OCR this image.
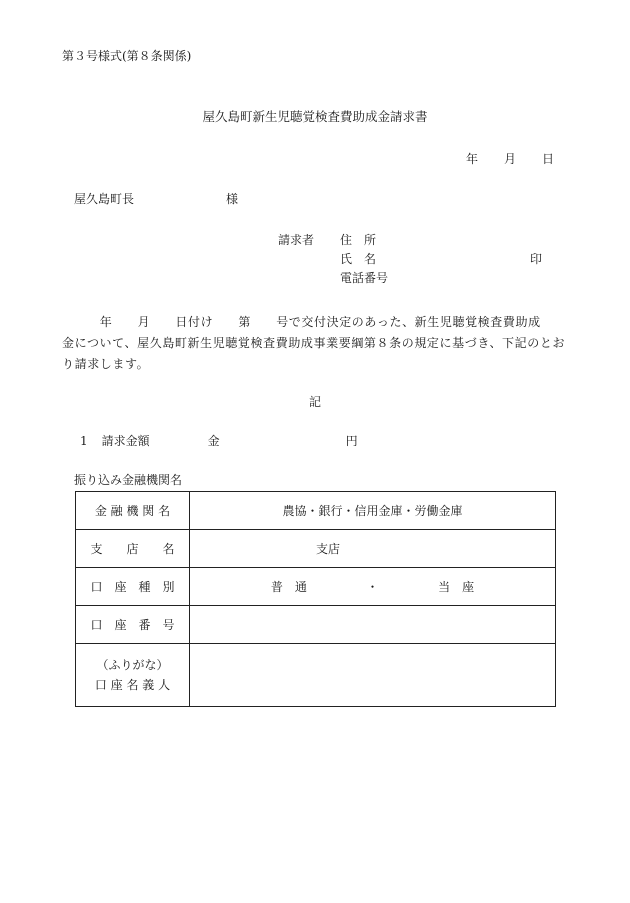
第３号様式(第８条関係)
屋久島町新生児聴覚検査費助成金請求書
年 月 日
屋久島町長	様
請求者 住　所
氏　名
電話番号
印

　　　年　　月　　日付け　　第　　号で交付決定のあった、新生児聴覚検査費助成

金について、屋久島町新生児聴覚検査費助成事業要綱第８条の規定に基づき、下記のとお

り請求します。

記
1 請求金額	金	円
振り込み金融機関名
金 融 機 関 名	農協・銀行・信用金庫・労働金庫
支　　店　　名	支店
口　座　種　別	普　通 ・ 当　座
口　座　番　号	

（ふりがな）
口 座 名 義 人	
